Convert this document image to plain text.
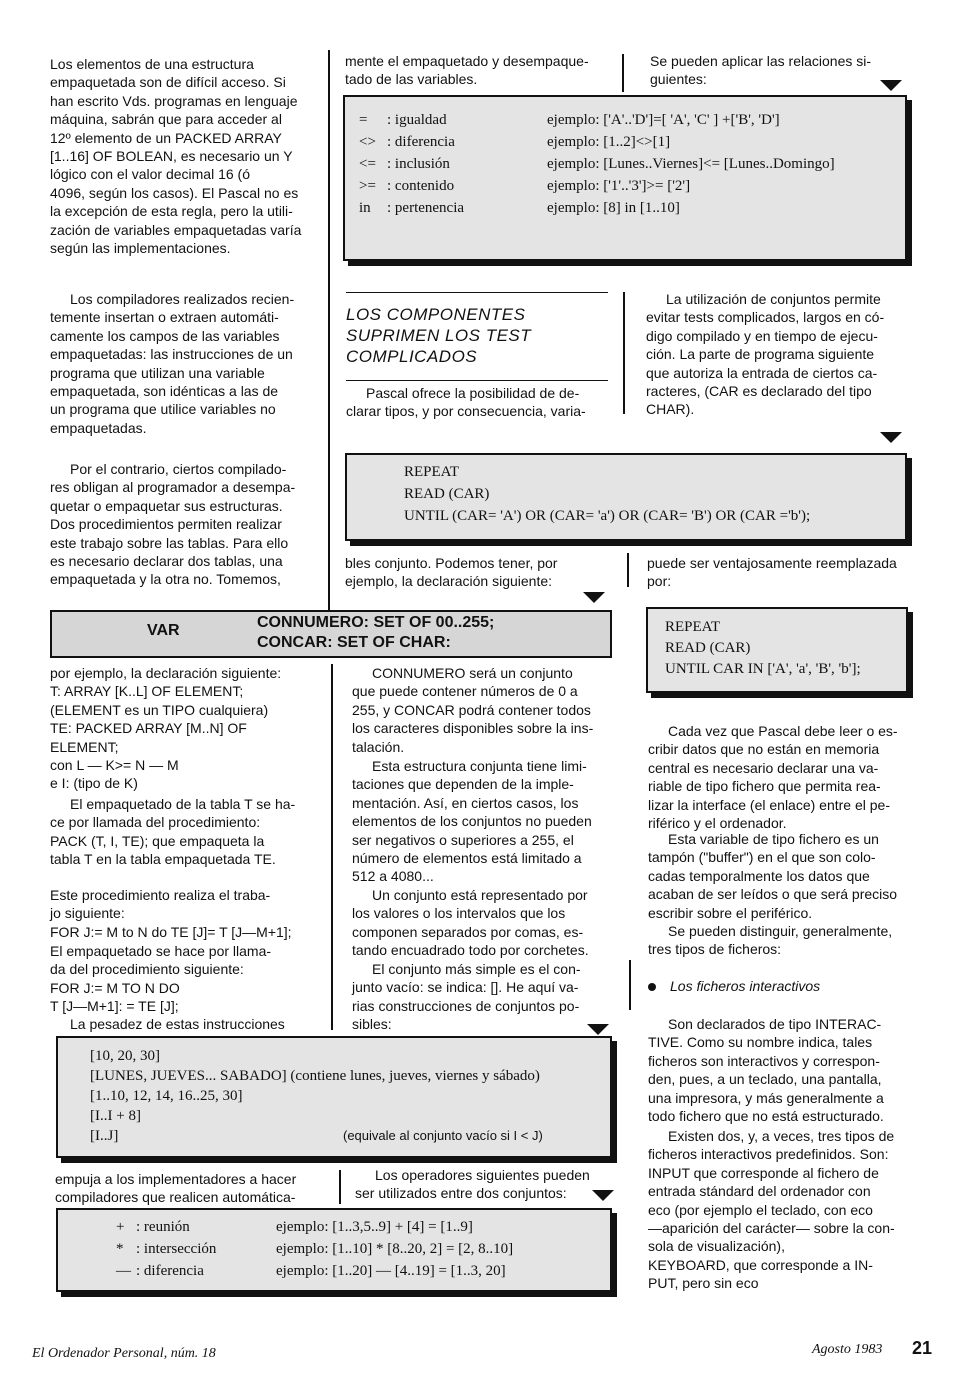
Los elementos de una estructura
empaquetada son de difícil acceso. Si
han escrito Vds. programas en lenguaje
máquina, sabrán que para acceder al
12º elemento de un PACKED ARRAY
[1..16] OF BOLEAN, es necesario un Y
lógico con el valor decimal 16 (ó
4096, según los casos). El Pascal no es
la excepción de esta regla, pero la utili-
zación de variables empaquetadas varía
según las implementaciones.
Los compiladores realizados recien-
temente insertan o extraen automáti-
camente los campos de las variables
empaquetadas: las instrucciones de un
programa que utilizan una variable
empaquetada, son idénticas a las de
un programa que utilice variables no
empaquetadas.
Por el contrario, ciertos compilado-
res obligan al programador a desempa-
quetar o empaquetar sus estructuras.
Dos procedimientos permiten realizar
este trabajo sobre las tablas. Para ello
es necesario declarar dos tablas, una
empaquetada y la otra no. Tomemos,
mente el empaquetado y desempaque-
tado de las variables.
Se pueden aplicar las relaciones si-
guientes:
=	: igualdad	ejemplo: ['A'..'D']=[ 'A', 'C' ] +['B', 'D']
<> : diferencia	ejemplo: [1..2]<>[1]
<= : inclusión	ejemplo: [Lunes..Viernes]<= [Lunes..Domingo]
>= : contenido	ejemplo: ['1'..'3']>= ['2']
in	: pertenencia	ejemplo: [8] in [1..10]
LOS COMPONENTES
SUPRIMEN LOS TEST
COMPLICADOS
Pascal ofrece la posibilidad de de-
clarar tipos, y por consecuencia, varia-
La utilización de conjuntos permite
evitar tests complicados, largos en có-
digo compilado y en tiempo de ejecu-
ción. La parte de programa siguiente
que autoriza la entrada de ciertos ca-
racteres, (CAR es declarado del tipo
CHAR).
REPEAT
READ (CAR)
UNTIL (CAR= 'A') OR (CAR= 'a') OR (CAR= 'B') OR (CAR ='b');
bles conjunto. Podemos tener, por
ejemplo, la declaración siguiente:
puede ser ventajosamente reemplazada
por:
VAR	CONNUMERO: SET OF 00..255;
CONCAR: SET OF CHAR:
REPEAT
READ (CAR)
UNTIL CAR IN ['A', 'a', 'B', 'b'];
por ejemplo, la declaración siguiente:
T: ARRAY [K..L] OF ELEMENT;
(ELEMENT es un TIPO cualquiera)
TE: PACKED ARRAY [M..N] OF
ELEMENT;
con L — K>= N — M
e I: (tipo de K)
El empaquetado de la tabla T se ha-
ce por llamada del procedimiento:
PACK (T, I, TE); que empaqueta la
tabla T en la tabla empaquetada TE.
Este procedimiento realiza el traba-
jo siguiente:
FOR J:= M to N do TE [J]= T [J—M+1];
El empaquetado se hace por llama-
da del procedimiento siguiente:
FOR J:= M TO N DO
T [J—M+1]: = TE [J];
La pesadez de estas instrucciones
CONNUMERO será un conjunto
que puede contener números de 0 a
255, y CONCAR podrá contener todos
los caracteres disponibles sobre la ins-
talación.
Esta estructura conjunta tiene limi-
taciones que dependen de la imple-
mentación. Así, en ciertos casos, los
elementos de los conjuntos no pueden
ser negativos o superiores a 255, el
número de elementos está limitado a
512 a 4080...
Un conjunto está representado por
los valores o los intervalos que los
componen separados por comas, es-
tando encuadrado todo por corchetes.
El conjunto más simple es el con-
junto vacío: se indica: []. He aquí va-
rias construcciones de conjuntos po-
sibles:
[10, 20, 30]
[LUNES, JUEVES... SABADO] (contiene lunes, jueves, viernes y sábado)
[1..10, 12, 14, 16..25, 30]
[I..I + 8]
[I..J]	(equivale al conjunto vacío si I < J)
empuja a los implementadores a hacer
compiladores que realicen automática-
Los operadores siguientes pueden
ser utilizados entre dos conjuntos:
+ : reunión	ejemplo: [1..3,5..9] + [4] = [1..9]
* : intersección	ejemplo: [1..10] * [8..20, 2] = [2, 8..10]
— : diferencia	ejemplo: [1..20] — [4..19] = [1..3, 20]
Cada vez que Pascal debe leer o es-
cribir datos que no están en memoria
central es necesario declarar una va-
riable de tipo fichero que permita rea-
lizar la interface (el enlace) entre el pe-
riférico y el ordenador.
Esta variable de tipo fichero es un
tampón ("buffer") en el que son colo-
cadas temporalmente los datos que
acaban de ser leídos o que será preciso
escribir sobre el periférico.
Se pueden distinguir, generalmente,
tres tipos de ficheros:
Los ficheros interactivos
Son declarados de tipo INTERAC-
TIVE. Como su nombre indica, tales
ficheros son interactivos y correspon-
den, pues, a un teclado, una pantalla,
una impresora, y más generalmente a
todo fichero que no está estructurado.
Existen dos, y, a veces, tres tipos de
ficheros interactivos predefinidos. Son:
INPUT que corresponde al fichero de
entrada stándard del ordenador con
eco (por ejemplo el teclado, con eco
—aparición del carácter— sobre la con-
sola de visualización),
KEYBOARD, que corresponde a IN-
PUT, pero sin eco
El Ordenador Personal, núm. 18	Agosto 1983 21
